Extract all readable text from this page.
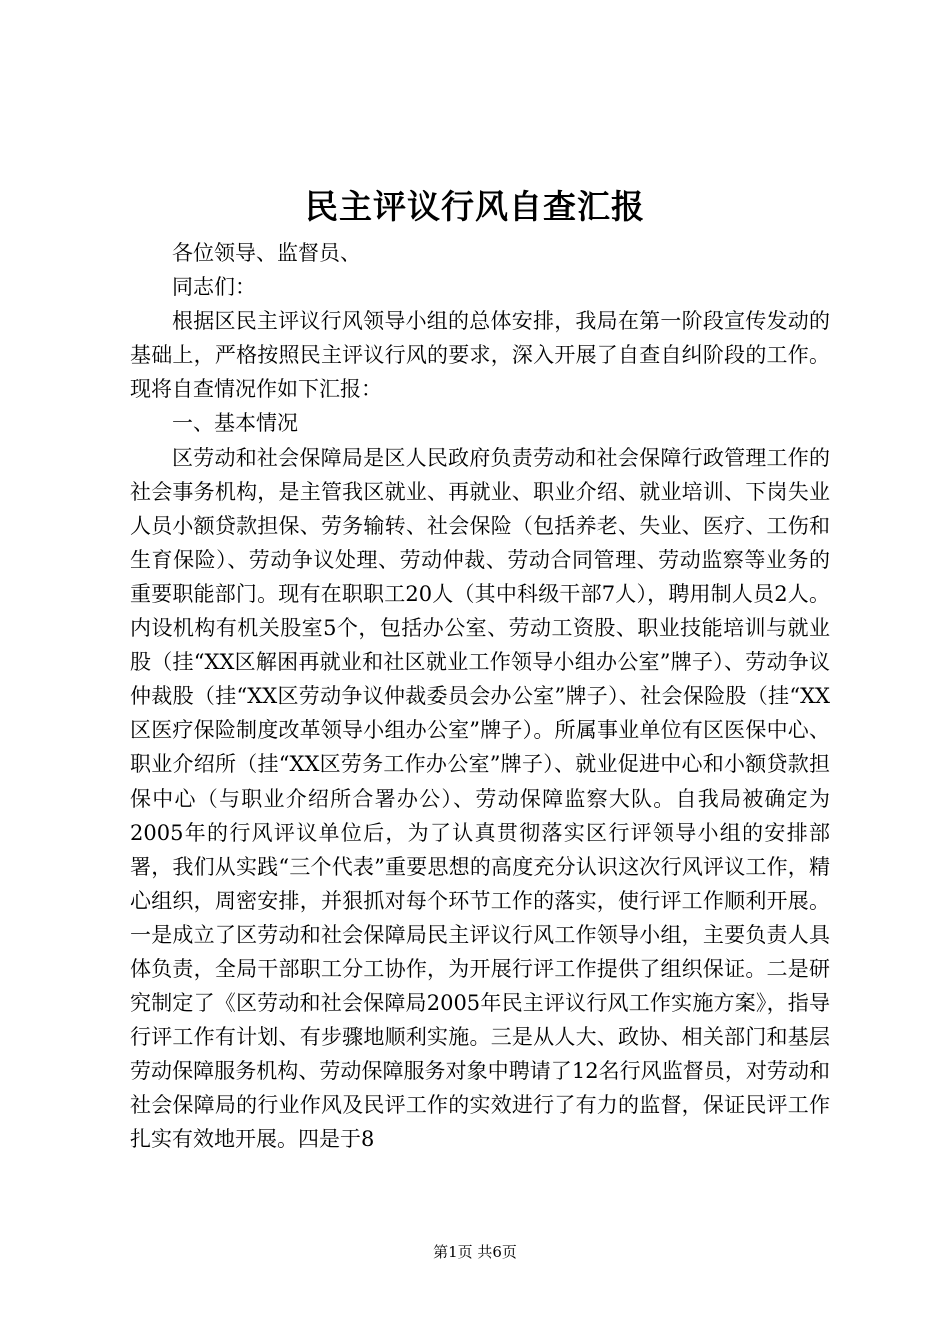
民主评议行风自查汇报

各位领导、监督员、

同志们：

根据区民主评议行风领导小组的总体安排，我局在第一阶段宣传发动的基础上，严格按照民主评议行风的要求，深入开展了自查自纠阶段的工作。现将自查情况作如下汇报：

一、基本情况

区劳动和社会保障局是区人民政府负责劳动和社会保障行政管理工作的社会事务机构，是主管我区就业、再就业、职业介绍、就业培训、下岗失业人员小额贷款担保、劳务输转、社会保险（包括养老、失业、医疗、工伤和生育保险）、劳动争议处理、劳动仲裁、劳动合同管理、劳动监察等业务的重要职能部门。现有在职职工20人（其中科级干部7人），聘用制人员2人。内设机构有机关股室5个，包括办公室、劳动工资股、职业技能培训与就业股（挂“XX区解困再就业和社区就业工作领导小组办公室”牌子）、劳动争议仲裁股（挂“XX区劳动争议仲裁委员会办公室”牌子）、社会保险股（挂“XX区医疗保险制度改革领导小组办公室”牌子）。所属事业单位有区医保中心、职业介绍所（挂“XX区劳务工作办公室”牌子）、就业促进中心和小额贷款担保中心（与职业介绍所合署办公）、劳动保障监察大队。自我局被确定为2005年的行风评议单位后，为了认真贯彻落实区行评领导小组的安排部署，我们从实践“三个代表”重要思想的高度充分认识这次行风评议工作，精心组织，周密安排，并狠抓对每个环节工作的落实，使行评工作顺利开展。一是成立了区劳动和社会保障局民主评议行风工作领导小组，主要负责人具体负责，全局干部职工分工协作，为开展行评工作提供了组织保证。二是研究制定了《区劳动和社会保障局2005年民主评议行风工作实施方案》，指导行评工作有计划、有步骤地顺利实施。三是从人大、政协、相关部门和基层劳动保障服务机构、劳动保障服务对象中聘请了12名行风监督员，对劳动和社会保障局的行业作风及民评工作的实效进行了有力的监督，保证民评工作扎实有效地开展。四是于8

第1页 共6页
